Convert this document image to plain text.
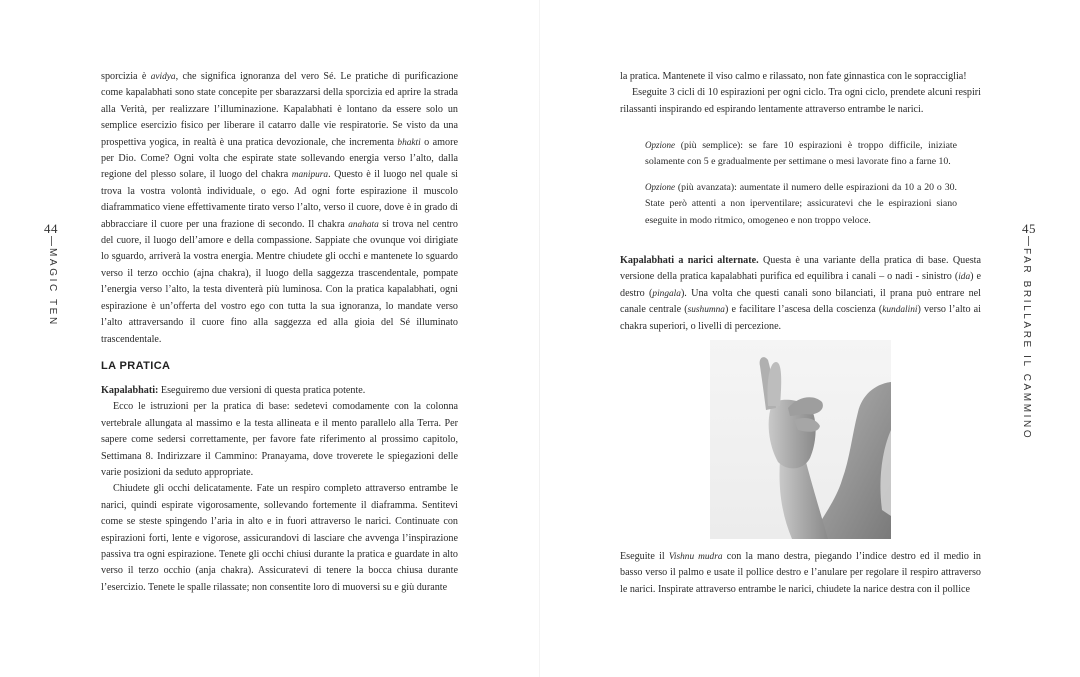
44
MAGIC TEN

sporcizia è avidya, che significa ignoranza del vero Sé. Le pratiche di purificazione come kapalabhati sono state concepite per sbarazzarsi della sporcizia ed aprire la strada alla Verità, per realizzare l’illuminazione. Kapalabhati è lontano da essere solo un semplice esercizio fisico per liberare il catarro dalle vie respiratorie. Se visto da una prospettiva yogica, in realtà è una pratica devozionale, che incrementa bhakti o amore per Dio. Come? Ogni volta che espirate state sollevando energia verso l’alto, dalla regione del plesso solare, il luogo del chakra manipura. Questo è il luogo nel quale si trova la vostra volontà individuale, o ego. Ad ogni forte espirazione il muscolo diaframmatico viene effettivamente tirato verso l’alto, verso il cuore, dove è in grado di abbracciare il cuore per una frazione di secondo. Il chakra anahata si trova nel centro del cuore, il luogo dell’amore e della compassione. Sappiate che ovunque voi dirigiate lo sguardo, arriverà la vostra energia. Mentre chiudete gli occhi e mantenete lo sguardo verso il terzo occhio (ajna chakra), il luogo della saggezza trascendentale, pompate l’energia verso l’alto, la testa diventerà più luminosa. Con la pratica kapalabhati, ogni espirazione è un’offerta del vostro ego con tutta la sua ignoranza, lo mandate verso l’alto attraversando il cuore fino alla saggezza ed alla gioia del Sé illuminato trascendentale.

LA PRATICA

Kapalabhati: Eseguiremo due versioni di questa pratica potente.

Ecco le istruzioni per la pratica di base: sedetevi comodamente con la colonna vertebrale allungata al massimo e la testa allineata e il mento parallelo alla Terra. Per sapere come sedersi correttamente, per favore fate riferimento al prossimo capitolo, Settimana 8. Indirizzare il Cammino: Pranayama, dove troverete le spiegazioni delle varie posizioni da seduto appropriate.

Chiudete gli occhi delicatamente. Fate un respiro completo attraverso entrambe le narici, quindi espirate vigorosamente, sollevando fortemente il diaframma. Sentitevi come se steste spingendo l’aria in alto e in fuori attraverso le narici. Continuate con espirazioni forti, lente e vigorose, assicurandovi di lasciare che avvenga l’inspirazione passiva tra ogni espirazione. Tenete gli occhi chiusi durante la pratica e guardate in alto verso il terzo occhio (anja chakra). Assicuratevi di tenere la bocca chiusa durante l’esercizio. Tenete le spalle rilassate; non consentite loro di muoversi su e giù durante

45
FAR BRILLARE IL CAMMINO

la pratica. Mantenete il viso calmo e rilassato, non fate ginnastica con le sopracciglia!

Eseguite 3 cicli di 10 espirazioni per ogni ciclo. Tra ogni ciclo, prendete alcuni respiri rilassanti inspirando ed espirando lentamente attraverso entrambe le narici.

Opzione (più semplice): se fare 10 espirazioni è troppo difficile, iniziate solamente con 5 e gradualmente per settimane o mesi lavorate fino a farne 10.

Opzione (più avanzata): aumentate il numero delle espirazioni da 10 a 20 o 30. State però attenti a non iperventilare; assicuratevi che le espirazioni siano eseguite in modo ritmico, omogeneo e non troppo veloce.

Kapalabhati a narici alternate. Questa è una variante della pratica di base. Questa versione della pratica kapalabhati purifica ed equilibra i canali – o nadi - sinistro (ida) e destro (pingala). Una volta che questi canali sono bilanciati, il prana può entrare nel canale centrale (sushumna) e facilitare l’ascesa della coscienza (kundalini) verso l’alto ai chakra superiori, o livelli di percezione.

Eseguite il Vishnu mudra con la mano destra, piegando l’indice destro ed il medio in basso verso il palmo e usate il pollice destro e l’anulare per regolare il respiro attraverso le narici. Inspirate attraverso entrambe le narici, chiudete la narice destra con il pollice
